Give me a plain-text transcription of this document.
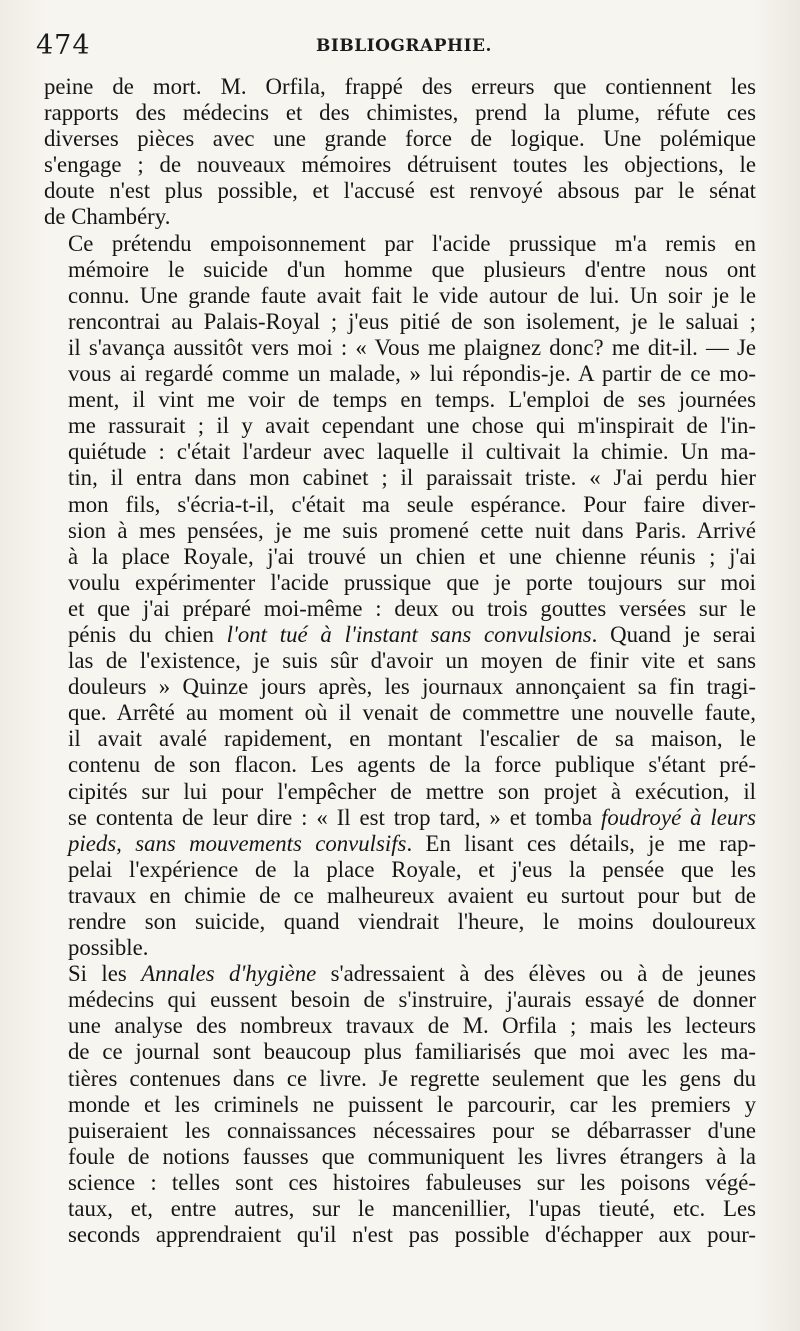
474	BIBLIOGRAPHIE.

peine de mort. M. Orfila, frappé des erreurs que contiennent les
rapports des médecins et des chimistes, prend la plume, réfute ces
diverses pièces avec une grande force de logique. Une polémique
s'engage ; de nouveaux mémoires détruisent toutes les objections, le
doute n'est plus possible, et l'accusé est renvoyé absous par le sénat
de Chambéry.

Ce prétendu empoisonnement par l'acide prussique m'a remis en
mémoire le suicide d'un homme que plusieurs d'entre nous ont
connu. Une grande faute avait fait le vide autour de lui. Un soir je le
rencontrai au Palais-Royal ; j'eus pitié de son isolement, je le saluai ;
il s'avança aussitôt vers moi : « Vous me plaignez donc? me dit-il. — Je
vous ai regardé comme un malade, » lui répondis-je. A partir de ce mo-
ment, il vint me voir de temps en temps. L'emploi de ses journées
me rassurait ; il y avait cependant une chose qui m'inspirait de l'in-
quiétude : c'était l'ardeur avec laquelle il cultivait la chimie. Un ma-
tin, il entra dans mon cabinet ; il paraissait triste. « J'ai perdu hier
mon fils, s'écria-t-il, c'était ma seule espérance. Pour faire diver-
sion à mes pensées, je me suis promené cette nuit dans Paris. Arrivé
à la place Royale, j'ai trouvé un chien et une chienne réunis ; j'ai
voulu expérimenter l'acide prussique que je porte toujours sur moi
et que j'ai préparé moi-même : deux ou trois gouttes versées sur le
pénis du chien l'ont tué à l'instant sans convulsions. Quand je serai
las de l'existence, je suis sûr d'avoir un moyen de finir vite et sans
douleurs » Quinze jours après, les journaux annonçaient sa fin tragi-
que. Arrêté au moment où il venait de commettre une nouvelle faute,
il avait avalé rapidement, en montant l'escalier de sa maison, le
contenu de son flacon. Les agents de la force publique s'étant pré-
cipités sur lui pour l'empêcher de mettre son projet à exécution, il
se contenta de leur dire : « Il est trop tard, » et tomba foudroyé à leurs
pieds, sans mouvements convulsifs. En lisant ces détails, je me rap-
pelai l'expérience de la place Royale, et j'eus la pensée que les
travaux en chimie de ce malheureux avaient eu surtout pour but de
rendre son suicide, quand viendrait l'heure, le moins douloureux
possible.

Si les Annales d'hygiène s'adressaient à des élèves ou à de jeunes
médecins qui eussent besoin de s'instruire, j'aurais essayé de donner
une analyse des nombreux travaux de M. Orfila ; mais les lecteurs
de ce journal sont beaucoup plus familiarisés que moi avec les ma-
tières contenues dans ce livre. Je regrette seulement que les gens du
monde et les criminels ne puissent le parcourir, car les premiers y
puiseraient les connaissances nécessaires pour se débarrasser d'une
foule de notions fausses que communiquent les livres étrangers à la
science : telles sont ces histoires fabuleuses sur les poisons végé-
taux, et, entre autres, sur le mancenillier, l'upas tieuté, etc. Les
seconds apprendraient qu'il n'est pas possible d'échapper aux pour-
